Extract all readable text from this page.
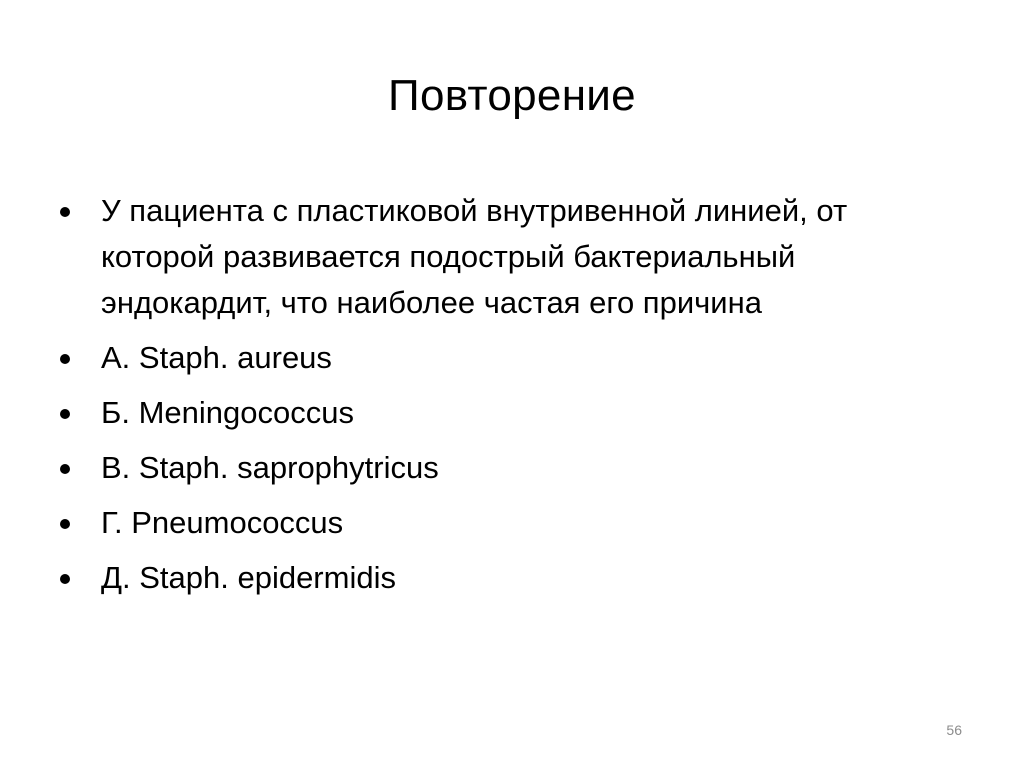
Повторение
У пациента с пластиковой внутривенной линией, от которой развивается подострый бактериальный эндокардит, что наиболее частая его причина
А. Staph. aureus
Б. Meningococcus
В. Staph. saprophytricus
Г. Pneumococcus
Д. Staph. epidermidis
56
